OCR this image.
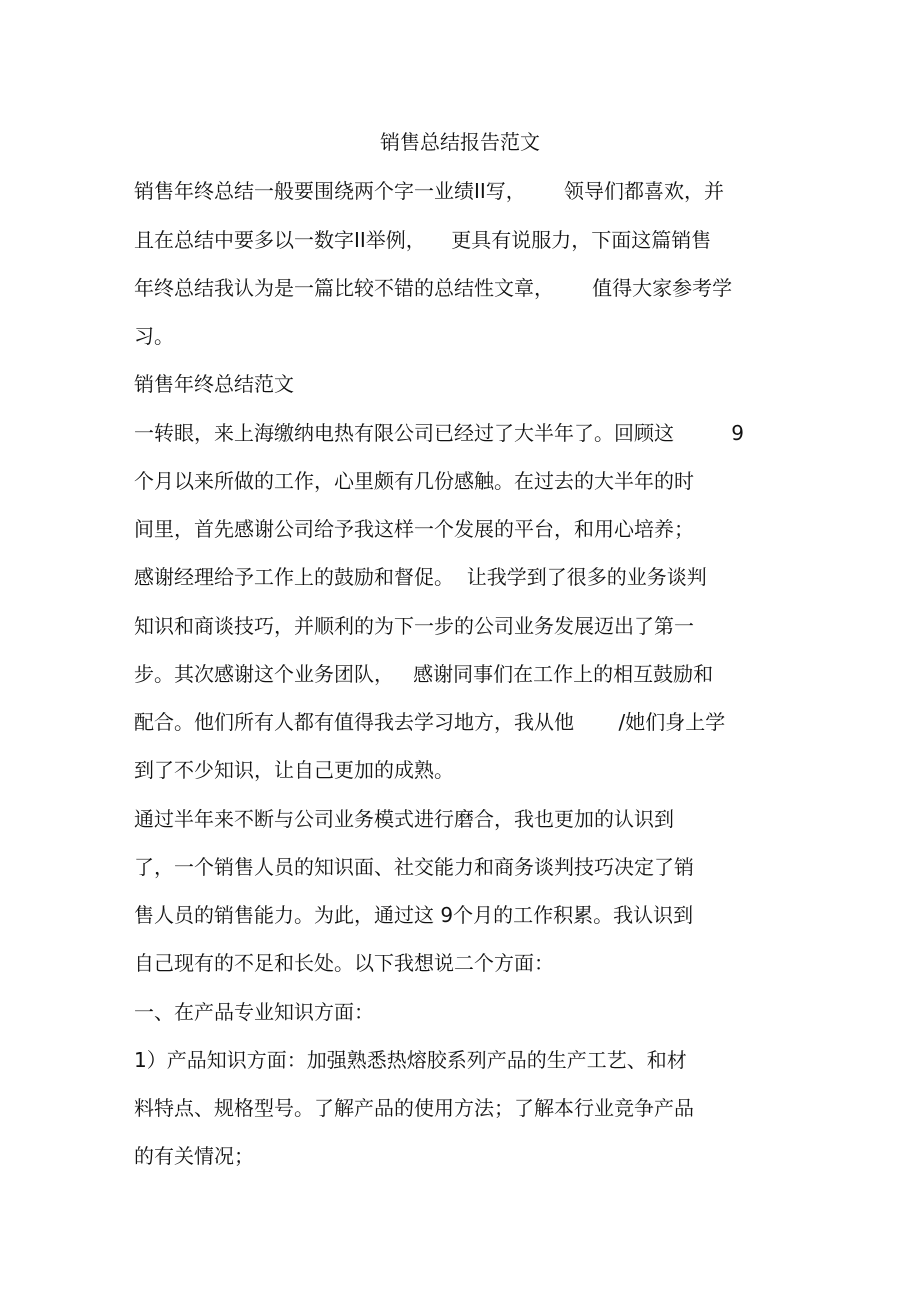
销售总结报告范文
销售年终总结一般要围绕两个字一业绩II写，      领导们都喜欢，并
且在总结中要多以一数字II举例，    更具有说服力，下面这篇销售
年终总结我认为是一篇比较不错的总结性文章，      值得大家参考学
习。
销售年终总结范文
一转眼，来上海缴纳电热有限公司已经过了大半年了。回顾这         9
个月以来所做的工作，心里颇有几份感触。在过去的大半年的时
间里，首先感谢公司给予我这样一个发展的平台，和用心培养；
感谢经理给予工作上的鼓励和督促。  让我学到了很多的业务谈判
知识和商谈技巧，并顺利的为下一步的公司业务发展迈出了第一
步。其次感谢这个业务团队，   感谢同事们在工作上的相互鼓励和
配合。他们所有人都有值得我去学习地方，我从他       /她们身上学
到了不少知识，让自己更加的成熟。
通过半年来不断与公司业务模式进行磨合，我也更加的认识到
了，一个销售人员的知识面、社交能力和商务谈判技巧决定了销
售人员的销售能力。为此，通过这 9个月的工作积累。我认识到
自己现有的不足和长处。以下我想说二个方面：
一、在产品专业知识方面：
1）产品知识方面：加强熟悉热熔胶系列产品的生产工艺、和材
料特点、规格型号。了解产品的使用方法；了解本行业竞争产品
的有关情况；
